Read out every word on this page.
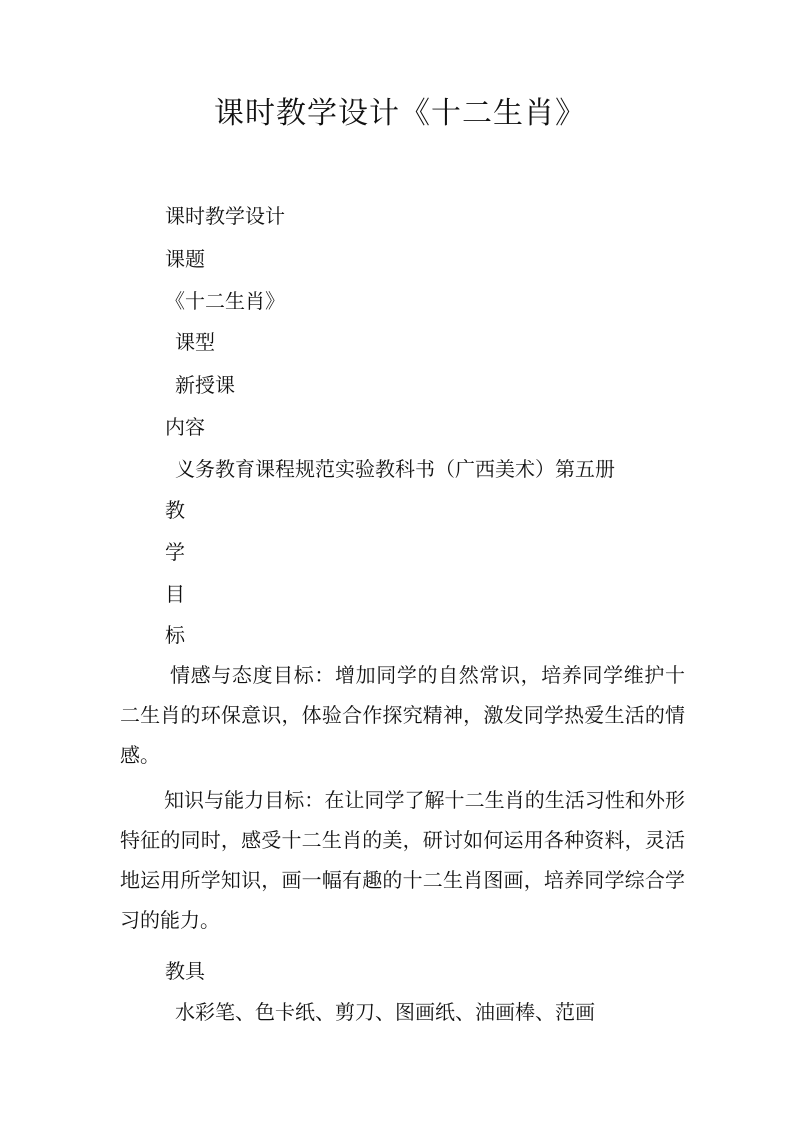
课时教学设计《十二生肖》
课时教学设计
课题
《十二生肖》
课型
新授课
内容
义务教育课程规范实验教科书（广西美术）第五册
教
学
目
标
情感与态度目标：增加同学的自然常识，培养同学维护十二生肖的环保意识，体验合作探究精神，激发同学热爱生活的情感。
知识与能力目标：在让同学了解十二生肖的生活习性和外形特征的同时，感受十二生肖的美，研讨如何运用各种资料，灵活地运用所学知识，画一幅有趣的十二生肖图画，培养同学综合学习的能力。
教具
水彩笔、色卡纸、剪刀、图画纸、油画棒、范画
